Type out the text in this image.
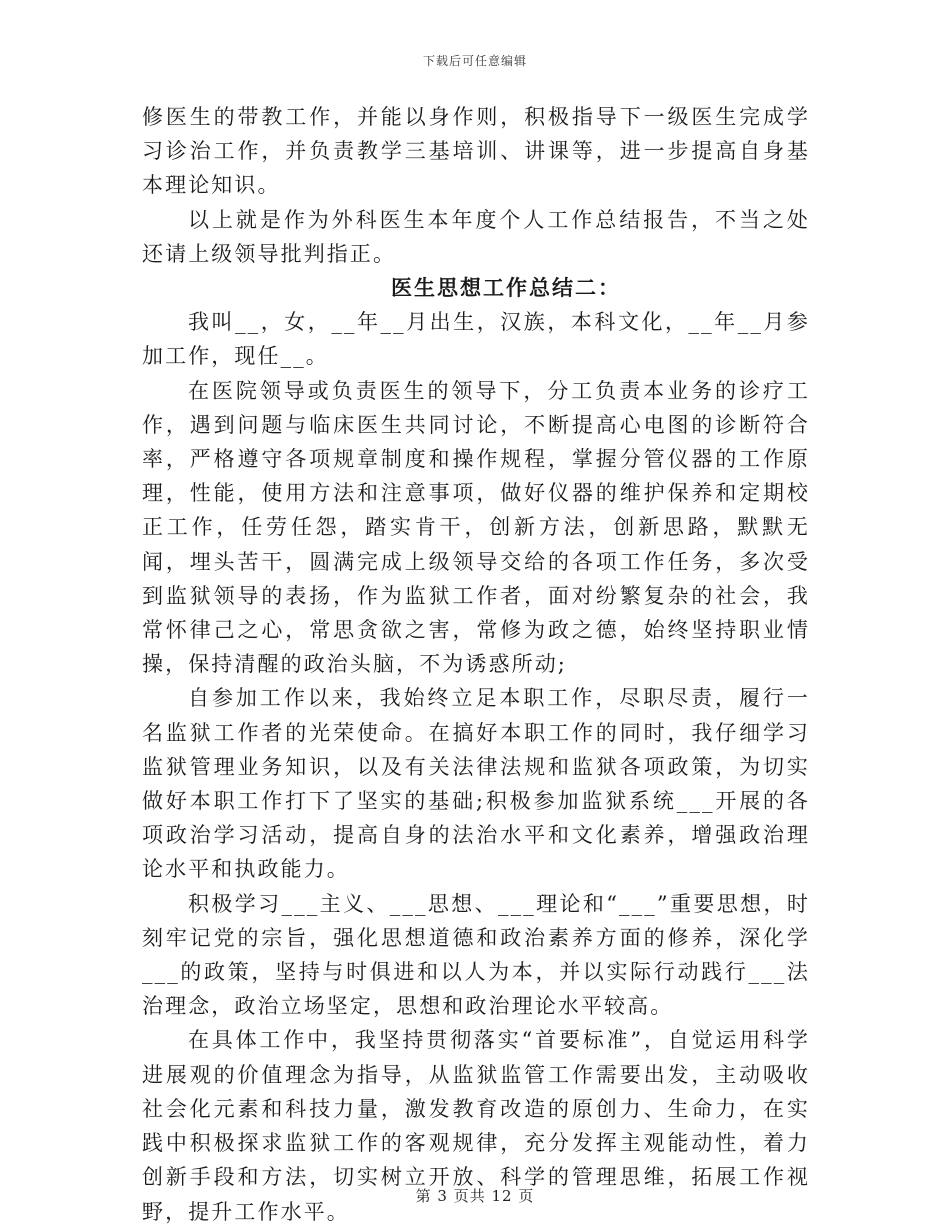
下载后可任意编辑

修医生的带教工作，并能以身作则，积极指导下一级医生完成学习诊治工作，并负责教学三基培训、讲课等，进一步提高自身基本理论知识。

以上就是作为外科医生本年度个人工作总结报告，不当之处还请上级领导批判指正。

医生思想工作总结二：

我叫__，女，__年__月出生，汉族，本科文化，__年__月参加工作，现任__。

在医院领导或负责医生的领导下，分工负责本业务的诊疗工作，遇到问题与临床医生共同讨论，不断提高心电图的诊断符合率，严格遵守各项规章制度和操作规程，掌握分管仪器的工作原理，性能，使用方法和注意事项，做好仪器的维护保养和定期校正工作，任劳任怨，踏实肯干，创新方法，创新思路，默默无闻，埋头苦干，圆满完成上级领导交给的各项工作任务，多次受到监狱领导的表扬，作为监狱工作者，面对纷繁复杂的社会，我常怀律己之心，常思贪欲之害，常修为政之德，始终坚持职业情操，保持清醒的政治头脑，不为诱惑所动;

自参加工作以来，我始终立足本职工作，尽职尽责，履行一名监狱工作者的光荣使命。在搞好本职工作的同时，我仔细学习监狱管理业务知识，以及有关法律法规和监狱各项政策，为切实做好本职工作打下了坚实的基础;积极参加监狱系统___开展的各项政治学习活动，提高自身的法治水平和文化素养，增强政治理论水平和执政能力。

积极学习___主义、___思想、___理论和“___”重要思想，时刻牢记党的宗旨，强化思想道德和政治素养方面的修养，深化学___的政策，坚持与时俱进和以人为本，并以实际行动践行___法治理念，政治立场坚定，思想和政治理论水平较高。

在具体工作中，我坚持贯彻落实“首要标准”，自觉运用科学进展观的价值理念为指导，从监狱监管工作需要出发，主动吸收社会化元素和科技力量，激发教育改造的原创力、生命力，在实践中积极探求监狱工作的客观规律，充分发挥主观能动性，着力创新手段和方法，切实树立开放、科学的管理思维，拓展工作视野，提升工作水平。

第 3 页共 12 页
